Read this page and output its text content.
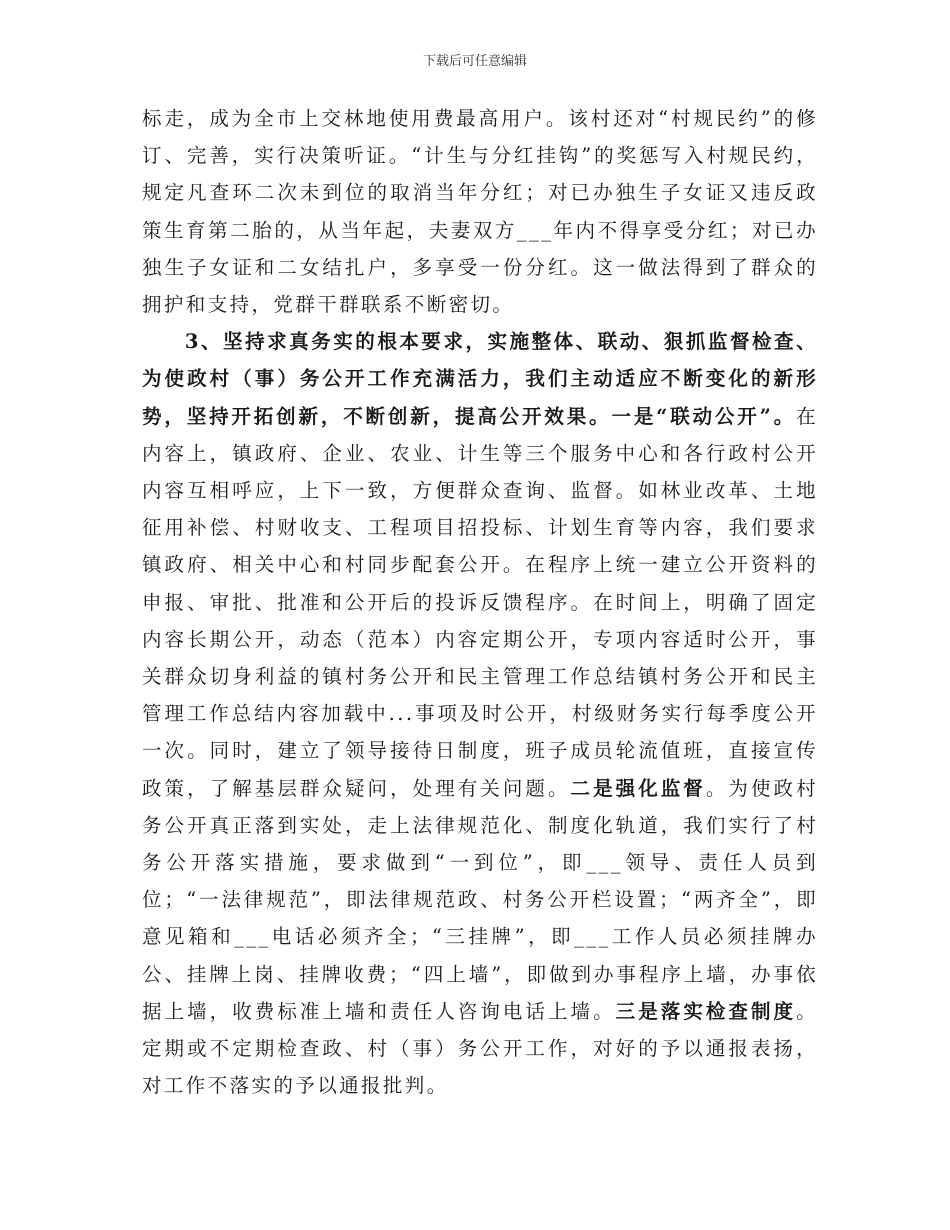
下载后可任意编辑

标走，成为全市上交林地使用费最高用户。该村还对“村规民约”的修订、完善，实行决策听证。“计生与分红挂钩”的奖惩写入村规民约，规定凡查环二次未到位的取消当年分红；对已办独生子女证又违反政策生育第二胎的，从当年起，夫妻双方___年内不得享受分红；对已办独生子女证和二女结扎户，多享受一份分红。这一做法得到了群众的拥护和支持，党群干群联系不断密切。

3、坚持求真务实的根本要求，实施整体、联动、狠抓监督检查、为使政村（事）务公开工作充满活力，我们主动适应不断变化的新形势，坚持开拓创新，不断创新，提高公开效果。一是“联动公开”。在内容上，镇政府、企业、农业、计生等三个服务中心和各行政村公开内容互相呼应，上下一致，方便群众查询、监督。如林业改革、土地征用补偿、村财收支、工程项目招投标、计划生育等内容，我们要求镇政府、相关中心和村同步配套公开。在程序上统一建立公开资料的申报、审批、批准和公开后的投诉反馈程序。在时间上，明确了固定内容长期公开，动态（范本）内容定期公开，专项内容适时公开，事关群众切身利益的镇村务公开和民主管理工作总结镇村务公开和民主管理工作总结内容加载中...事项及时公开，村级财务实行每季度公开一次。同时，建立了领导接待日制度，班子成员轮流值班，直接宣传政策，了解基层群众疑问，处理有关问题。二是强化监督。为使政村务公开真正落到实处，走上法律规范化、制度化轨道，我们实行了村务公开落实措施，要求做到“一到位”，即___领导、责任人员到位；“一法律规范”，即法律规范政、村务公开栏设置；“两齐全”，即意见箱和___电话必须齐全；“三挂牌”，即___工作人员必须挂牌办公、挂牌上岗、挂牌收费；“四上墙”，即做到办事程序上墙，办事依据上墙，收费标准上墙和责任人咨询电话上墙。三是落实检查制度。定期或不定期检查政、村（事）务公开工作，对好的予以通报表扬，对工作不落实的予以通报批判。
